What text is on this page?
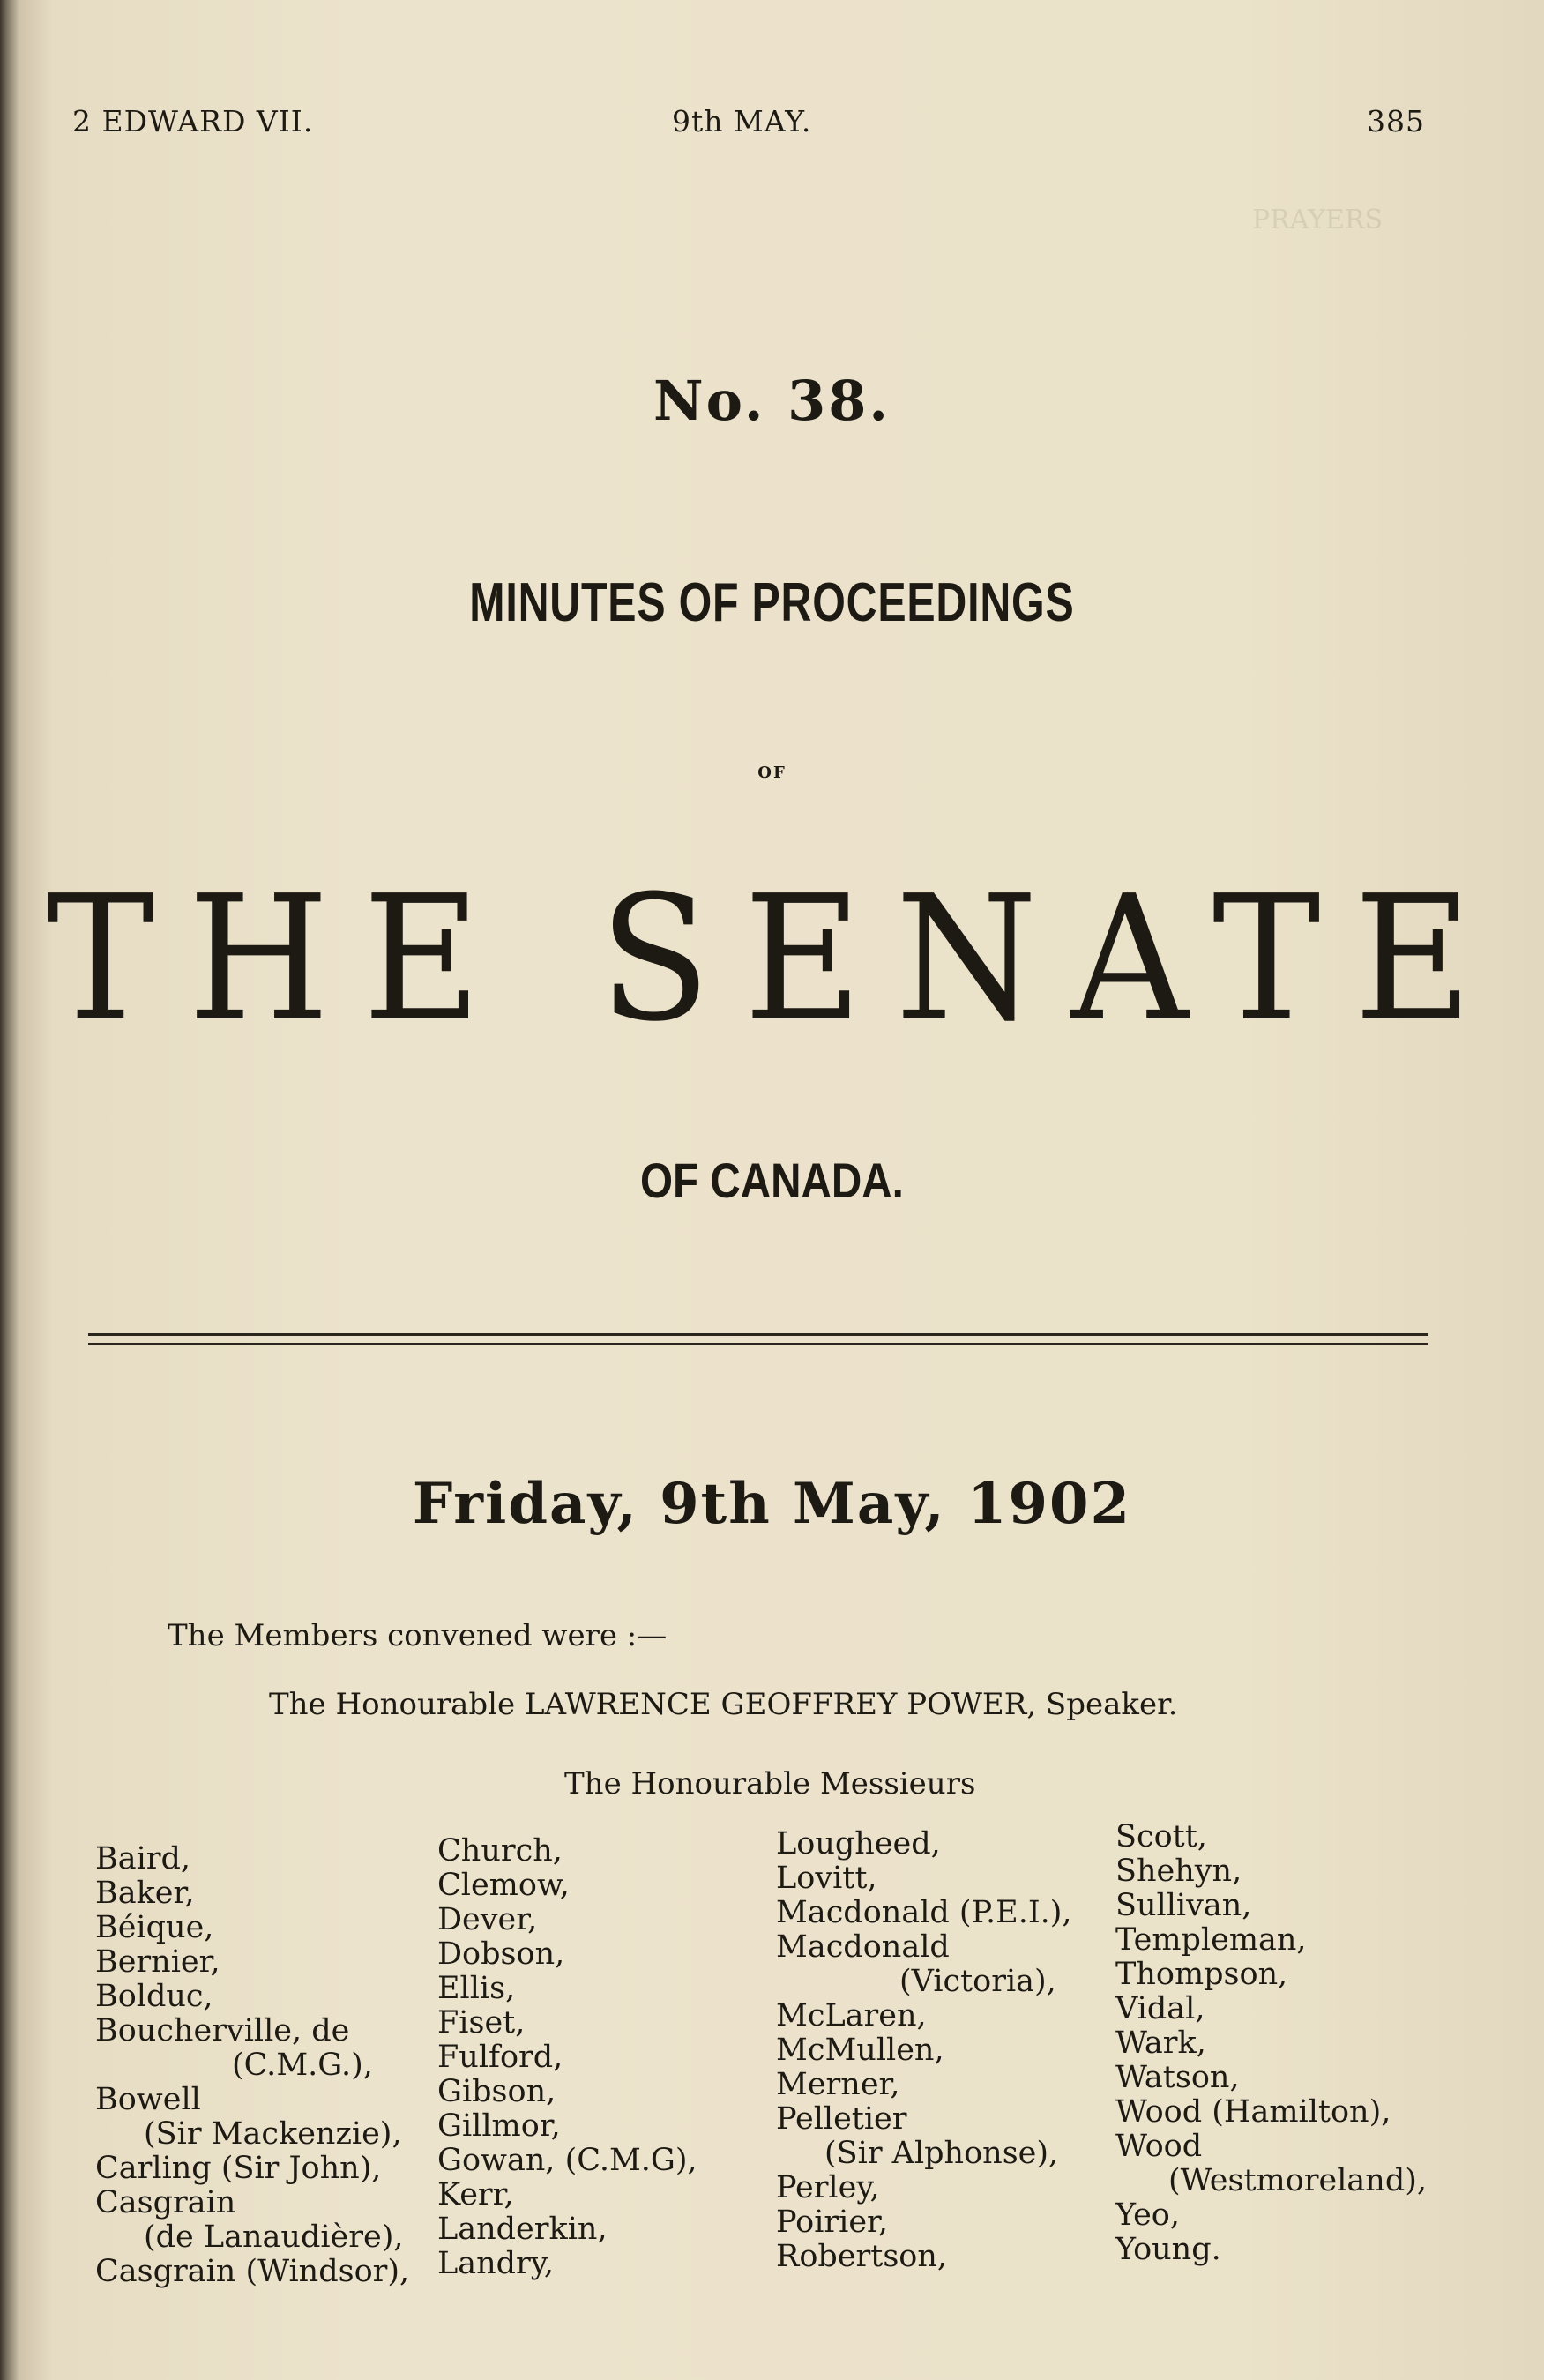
PRAYERS
2 EDWARD VII.	9th MAY.	385
No. 38.
MINUTES OF PROCEEDINGS
OF
THE SENATE
OF CANADA.
Friday, 9th May, 1902
The Members convened were :—
The Honourable LAWRENCE GEOFFREY POWER, Speaker.
The Honourable Messieurs
Baird,
Baker,
Béique,
Bernier,
Bolduc,
Boucherville, de
(C.M.G.),
Bowell
(Sir Mackenzie),
Carling (Sir John),
Casgrain
(de Lanaudière),
Casgrain (Windsor),
Church,
Clemow,
Dever,
Dobson,
Ellis,
Fiset,
Fulford,
Gibson,
Gillmor,
Gowan, (C.M.G),
Kerr,
Landerkin,
Landry,
Lougheed,
Lovitt,
Macdonald (P.E.I.),
Macdonald
(Victoria),
McLaren,
McMullen,
Merner,
Pelletier
(Sir Alphonse),
Perley,
Poirier,
Robertson,
Scott,
Shehyn,
Sullivan,
Templeman,
Thompson,
Vidal,
Wark,
Watson,
Wood (Hamilton),
Wood
(Westmoreland),
Yeo,
Young.
